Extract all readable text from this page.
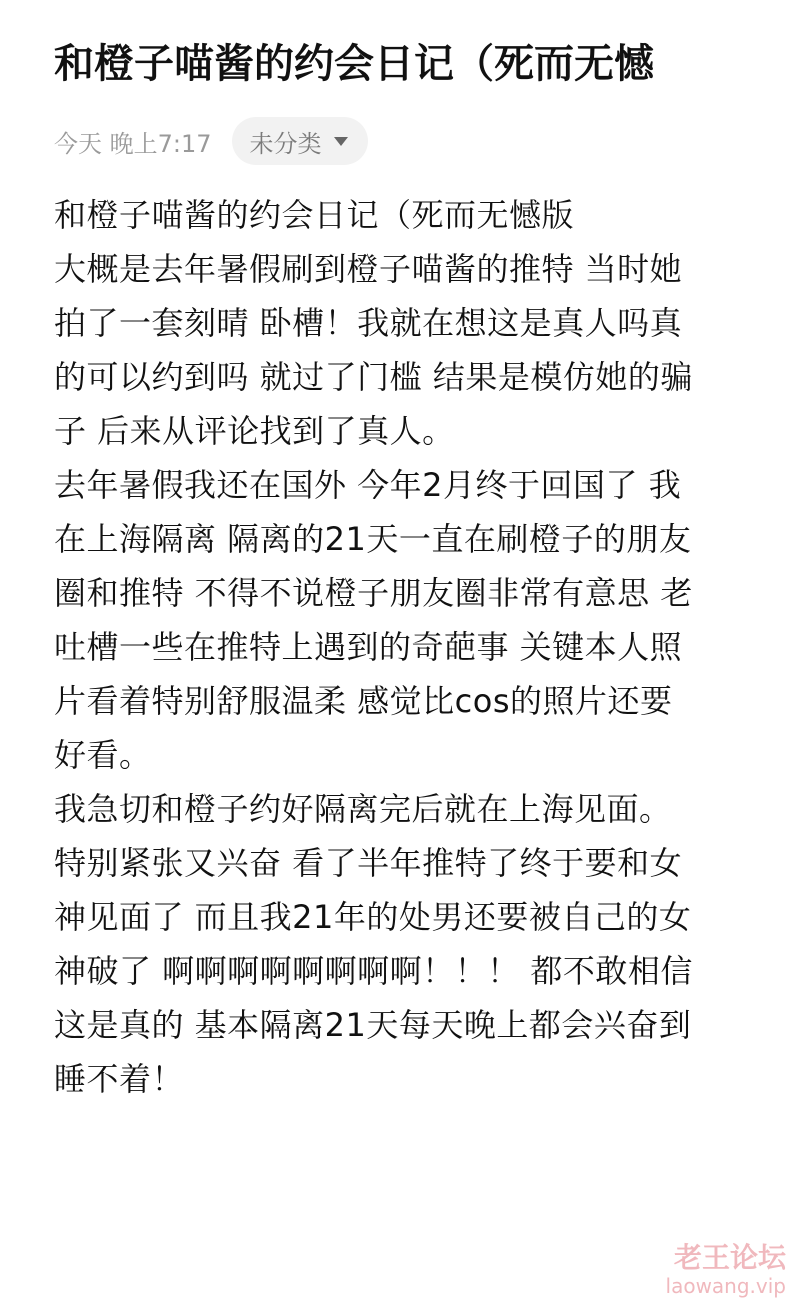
和橙子喵酱的约会日记（死而无憾
今天 晚上7:17 未分类
和橙子喵酱的约会日记（死而无憾版
大概是去年暑假刷到橙子喵酱的推特 当时她
拍了一套刻晴 卧槽！我就在想这是真人吗真
的可以约到吗 就过了门槛 结果是模仿她的骗
子 后来从评论找到了真人。
去年暑假我还在国外 今年2月终于回国了 我
在上海隔离 隔离的21天一直在刷橙子的朋友
圈和推特 不得不说橙子朋友圈非常有意思 老
吐槽一些在推特上遇到的奇葩事 关键本人照
片看着特别舒服温柔 感觉比cos的照片还要
好看。
我急切和橙子约好隔离完后就在上海见面。
特别紧张又兴奋 看了半年推特了终于要和女
神见面了 而且我21年的处男还要被自己的女
神破了 啊啊啊啊啊啊啊啊！！！ 都不敢相信
这是真的 基本隔离21天每天晚上都会兴奋到
睡不着！
老王论坛
laowang.vip
